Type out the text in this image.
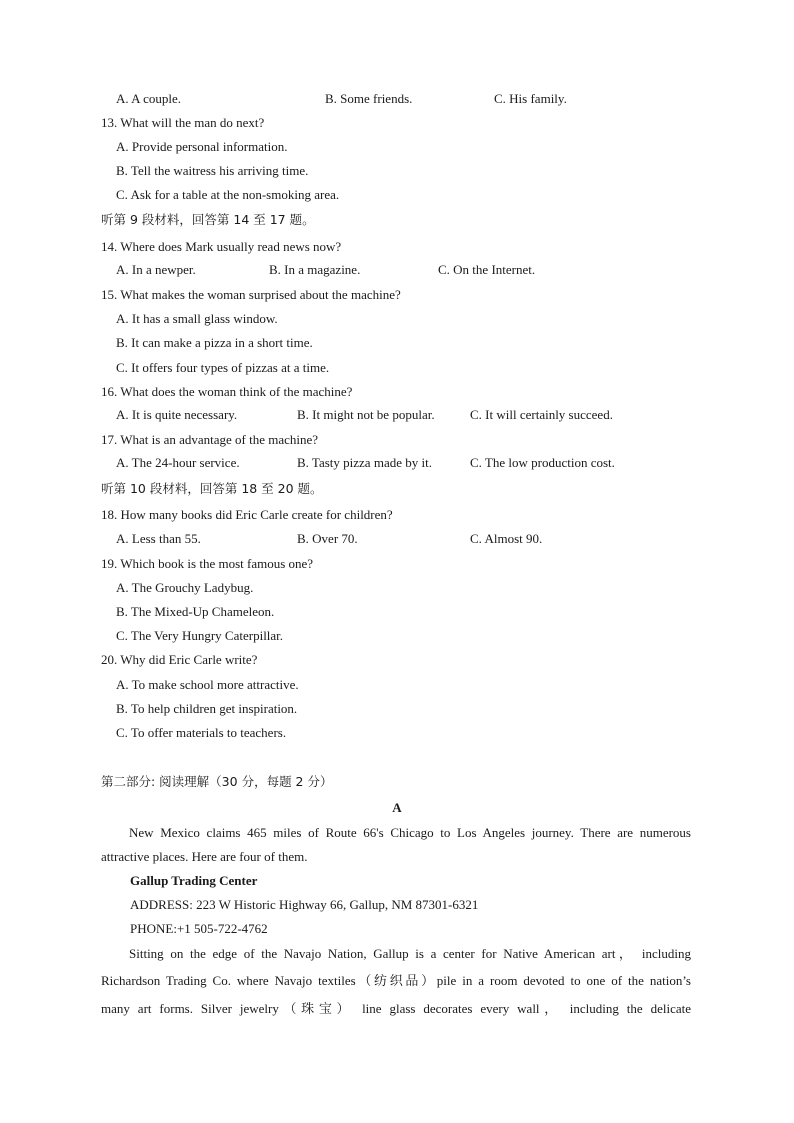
A. A couple.	B. Some friends.	C. His family.
13. What will the man do next?
A. Provide personal information.
B. Tell the waitress his arriving time.
C. Ask for a table at the non-smoking area.
听第 9 段材料，回答第 14 至 17 题。
14. Where does Mark usually read news now?
A. In a newper.	B. In a magazine.	C. On the Internet.
15. What makes the woman surprised about the machine?
A. It has a small glass window.
B. It can make a pizza in a short time.
C. It offers four types of pizzas at a time.
16. What does the woman think of the machine?
A. It is quite necessary.	B. It might not be popular.	C. It will certainly succeed.
17. What is an advantage of the machine?
A. The 24-hour service.	B. Tasty pizza made by it.	C. The low production cost.
听第 10 段材料，回答第 18 至 20 题。
18. How many books did Eric Carle create for children?
A. Less than 55.	B. Over 70.	C. Almost 90.
19. Which book is the most famous one?
A. The Grouchy Ladybug.
B. The Mixed-Up Chameleon.
C. The Very Hungry Caterpillar.
20. Why did Eric Carle write?
A. To make school more attractive.
B. To help children get inspiration.
C. To offer materials to teachers.
第二部分: 阅读理解（30 分，每题 2 分）
A
New Mexico claims 465 miles of Route 66's Chicago to Los Angeles journey. There are numerous
attractive places. Here are four of them.
Gallup Trading Center
ADDRESS: 223 W Historic Highway 66, Gallup, NM 87301-6321
PHONE:+1 505-722-4762
Sitting on the edge of the Navajo Nation, Gallup is a center for Native American art， including
Richardson Trading Co. where Navajo textiles（纺织品）pile in a room devoted to one of the nation’s
many art forms. Silver jewelry（珠宝） line glass decorates every wall， including the delicate
